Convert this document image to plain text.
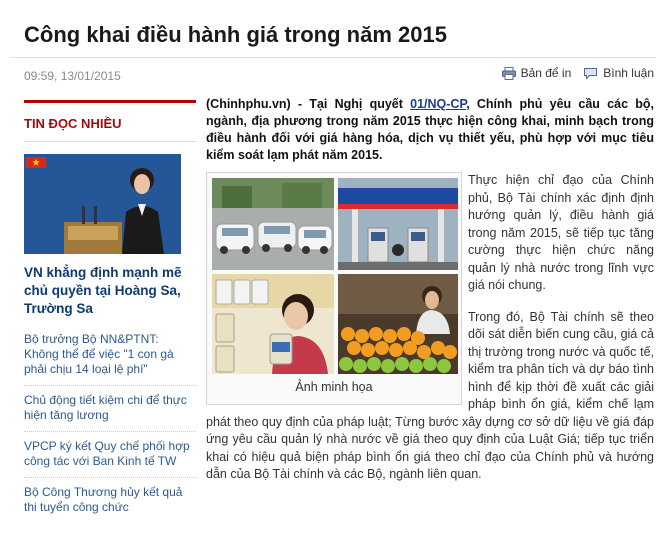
Công khai điều hành giá trong năm 2015
09:59, 13/01/2015	Bản để in	Bình luận
TIN ĐỌC NHIỀU
VN khẳng định mạnh mẽ chủ quyền tại Hoàng Sa, Trường Sa
Bộ trưởng Bộ NN&PTNT: Không thể để việc "1 con gà phải chịu 14 loại lệ phí"
Chủ động tiết kiệm chi để thực hiện tăng lương
VPCP ký kết Quy chế phối hợp công tác với Ban Kinh tế TW
Bộ Công Thương hủy kết quả thi tuyển công chức

(Chinhphu.vn) - Tại Nghị quyết 01/NQ-CP, Chính phủ yêu cầu các bộ, ngành, địa phương trong năm 2015 thực hiện công khai, minh bạch trong điều hành đối với giá hàng hóa, dịch vụ thiết yếu, phù hợp với mục tiêu kiểm soát lạm phát năm 2015.

Ảnh minh họa

Thực hiện chỉ đạo của Chính phủ, Bộ Tài chính xác định định hướng quản lý, điều hành giá trong năm 2015, sẽ tiếp tục tăng cường thực hiện chức năng quản lý nhà nước trong lĩnh vực giá nói chung.

Trong đó, Bộ Tài chính sẽ theo dõi sát diễn biến cung cầu, giá cả thị trường trong nước và quốc tế, kiểm tra phân tích và dự báo tình hình để kịp thời đề xuất các giải pháp bình ổn giá, kiểm chế lạm phát theo quy định của pháp luật; Từng bước xây dựng cơ sở dữ liệu về giá đáp ứng yêu cầu quản lý nhà nước về giá theo quy định của Luật Giá; tiếp tục triển khai có hiệu quả biện pháp bình ổn giá theo chỉ đạo của Chính phủ và hướng dẫn của Bộ Tài chính và các Bộ, ngành liên quan.
